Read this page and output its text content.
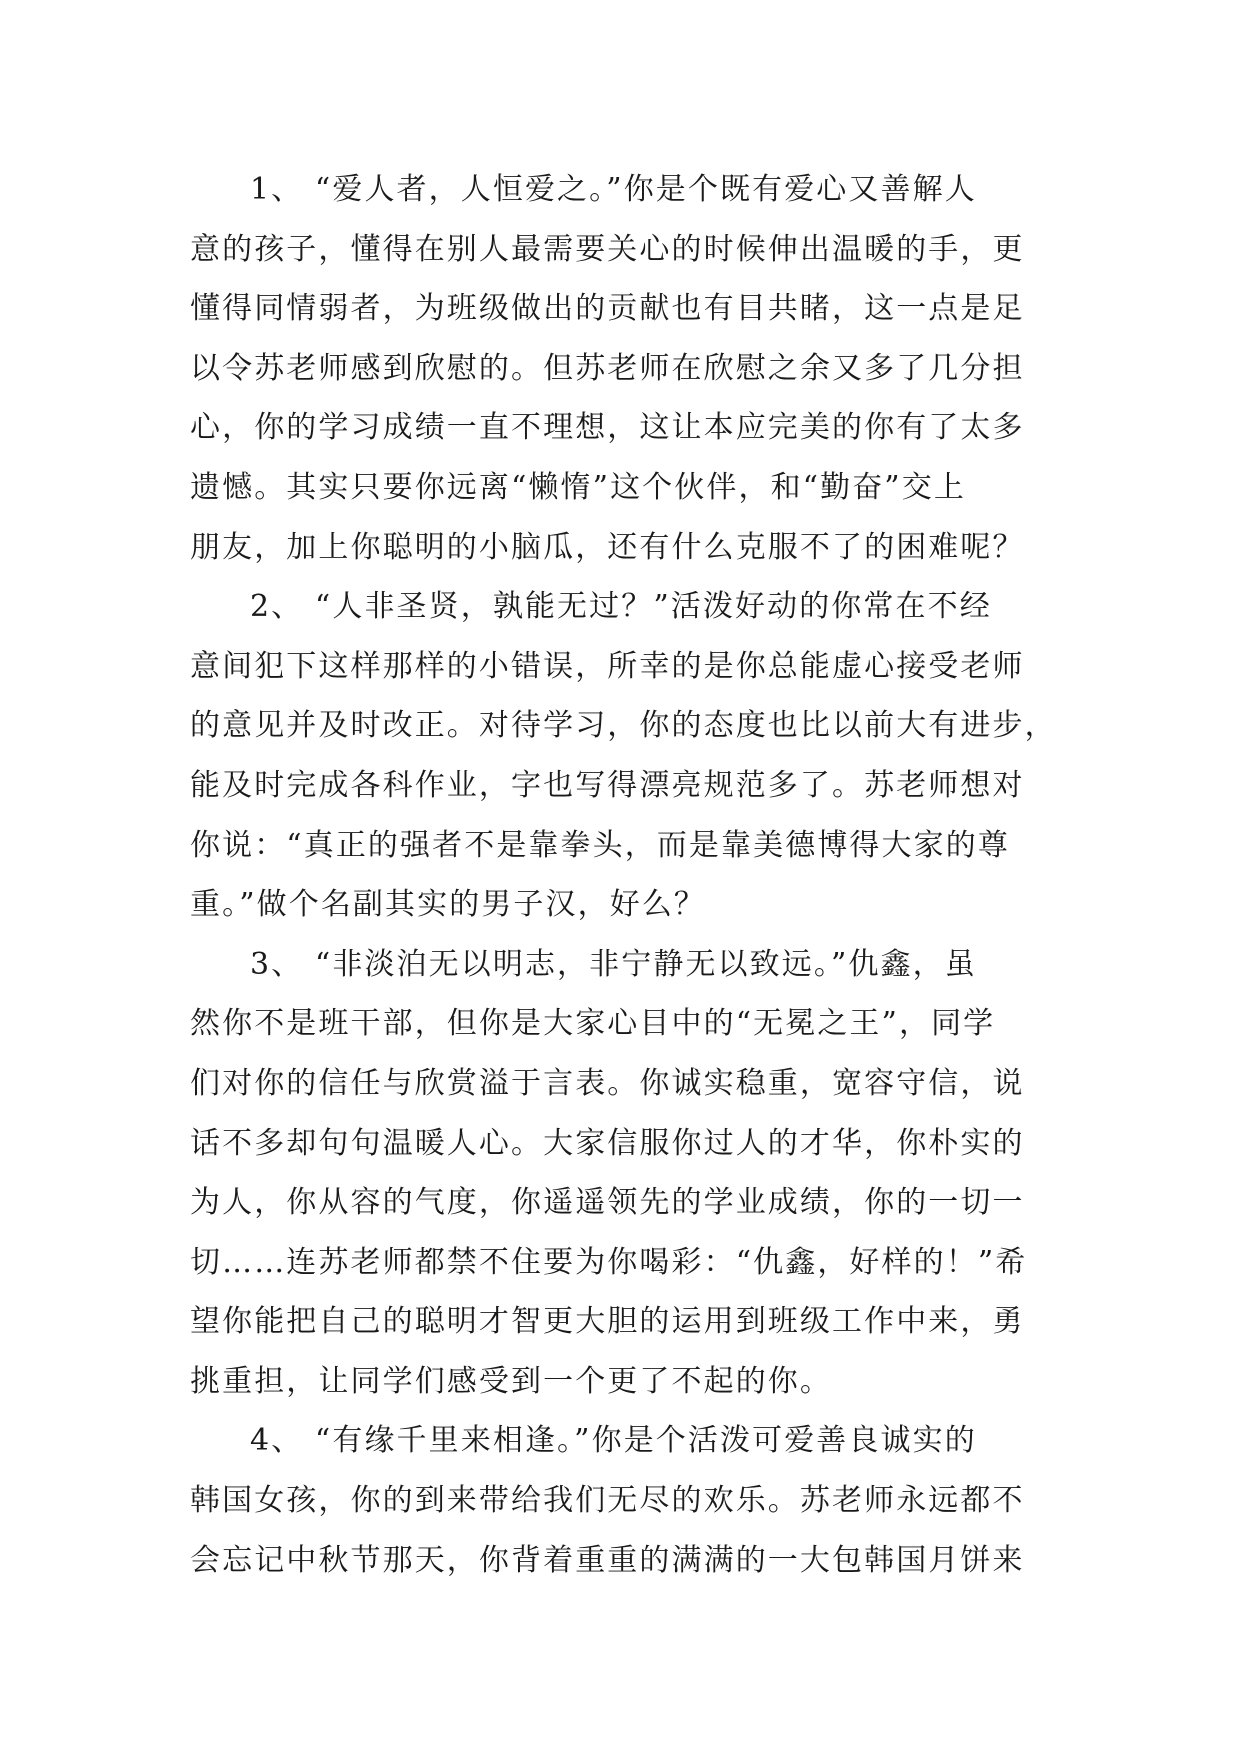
1、 “爱人者，人恒爱之。”你是个既有爱心又善解人
意的孩子，懂得在别人最需要关心的时候伸出温暖的手，更
懂得同情弱者，为班级做出的贡献也有目共睹，这一点是足
以令苏老师感到欣慰的。但苏老师在欣慰之余又多了几分担
心，你的学习成绩一直不理想，这让本应完美的你有了太多
遗憾。其实只要你远离“懒惰”这个伙伴，和“勤奋”交上
朋友，加上你聪明的小脑瓜，还有什么克服不了的困难呢？
2、 “人非圣贤，孰能无过？”活泼好动的你常在不经
意间犯下这样那样的小错误，所幸的是你总能虚心接受老师
的意见并及时改正。对待学习，你的态度也比以前大有进步，
能及时完成各科作业，字也写得漂亮规范多了。苏老师想对
你说：“真正的强者不是靠拳头，而是靠美德博得大家的尊
重。”做个名副其实的男子汉，好么？
3、 “非淡泊无以明志，非宁静无以致远。”仇鑫，虽
然你不是班干部，但你是大家心目中的“无冕之王”，同学
们对你的信任与欣赏溢于言表。你诚实稳重，宽容守信，说
话不多却句句温暖人心。大家信服你过人的才华，你朴实的
为人，你从容的气度，你遥遥领先的学业成绩，你的一切一
切……连苏老师都禁不住要为你喝彩：“仇鑫，好样的！”希
望你能把自己的聪明才智更大胆的运用到班级工作中来，勇
挑重担，让同学们感受到一个更了不起的你。
4、 “有缘千里来相逢。”你是个活泼可爱善良诚实的
韩国女孩，你的到来带给我们无尽的欢乐。苏老师永远都不
会忘记中秋节那天，你背着重重的满满的一大包韩国月饼来
